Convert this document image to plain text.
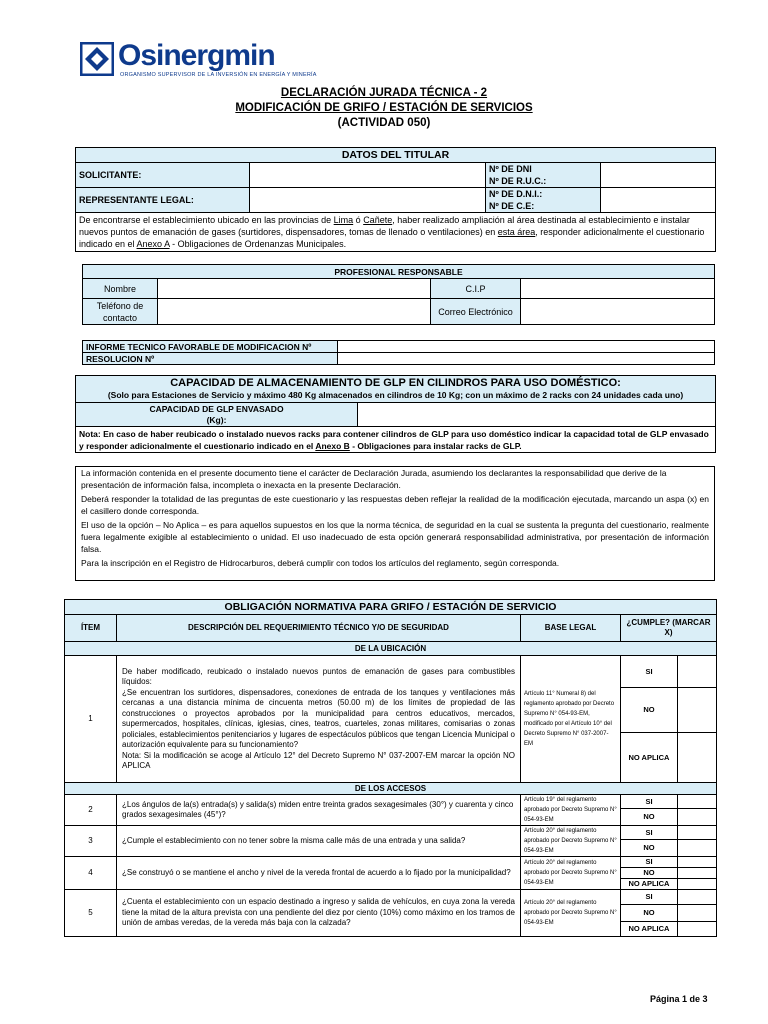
Osinergmin
ORGANISMO SUPERVISOR DE LA INVERSIÓN EN ENERGÍA Y MINERÍA
DECLARACIÓN JURADA TÉCNICA - 2
MODIFICACIÓN DE GRIFO / ESTACIÓN DE SERVICIOS
(ACTIVIDAD 050)
DATOS DEL TITULAR			
SOLICITANTE:		Nº DE DNI
Nº DE R.U.C.:	

REPRESENTANTE LEGAL:		Nº DE D.N.I.:
Nº DE C.E:	

De encontrarse el establecimiento ubicado en las provincias de Lima ó Cañete, haber realizado ampliación al área destinada al establecimiento e instalar nuevos puntos de emanación de gases (surtidores, dispensadores, tomas de llenado o ventilaciones) en esta área, responder adicionalmente el cuestionario indicado en el Anexo A - Obligaciones de Ordenanzas Municipales.			
PROFESIONAL RESPONSABLE			
Nombre		C.I.P	
Teléfono de contacto		Correo Electrónico	
INFORME TECNICO FAVORABLE DE MODIFICACION Nº	
RESOLUCION Nº	
CAPACIDAD DE ALMACENAMIENTO DE GLP EN CILINDROS PARA USO DOMÉSTICO:
(Solo para Estaciones de Servicio y máximo 480 Kg almacenados en cilindros de 10 Kg; con un máximo de 2 racks con 24 unidades cada uno)

CAPACIDAD DE GLP ENVASADO
(Kg):

Nota: En caso de haber reubicado o instalado nuevos racks para contener cilindros de GLP para uso doméstico indicar la capacidad total de GLP envasado y responder adicionalmente el cuestionario indicado en el Anexo B - Obligaciones para instalar racks de GLP.
La información contenida en el presente documento tiene el carácter de Declaración Jurada, asumiendo los declarantes la responsabilidad que derive de la presentación de información falsa, incompleta o inexacta en la presente Declaración.
Deberá responder la totalidad de las preguntas de este cuestionario y las respuestas deben reflejar la realidad de la modificación ejecutada, marcando un aspa (x) en el casillero donde corresponda.
El uso de la opción – No Aplica – es para aquellos supuestos en los que la norma técnica, de seguridad en la cual se sustenta la pregunta del cuestionario, realmente fuera legalmente exigible al establecimiento o unidad. El uso inadecuado de esta opción generará responsabilidad administrativa, por presentación de información falsa.
Para la inscripción en el Registro de Hidrocarburos, deberá cumplir con todos los artículos del reglamento, según corresponda.
OBLIGACIÓN NORMATIVA PARA GRIFO / ESTACIÓN DE SERVICIO				
ÍTEM	DESCRIPCIÓN DEL REQUERIMIENTO TÉCNICO Y/O DE SEGURIDAD	BASE LEGAL	¿CUMPLE? (MARCAR X)	
DE LA UBICACIÓN				
1	De haber modificado, reubicado o instalado nuevos puntos de emanación de gases para combustibles líquidos:
¿Se encuentran los surtidores, dispensadores, conexiones de entrada de los tanques y ventilaciones más cercanas a una distancia mínima de cincuenta metros (50.00 m) de los límites de propiedad de las construcciones o proyectos aprobados por la municipalidad para centros educativos, mercados, supermercados, hospitales, clínicas, iglesias, cines, teatros, cuarteles, zonas militares, comisarias o zonas policiales, establecimientos penitenciarios y lugares de espectáculos públicos que tengan Licencia Municipal o autorización equivalente para su funcionamiento?
Nota: Si la modificación se acoge al Artículo 12° del Decreto Supremo N° 037-2007-EM marcar la opción NO APLICA	Artículo 11° Numeral 8) del reglamento aprobado por Decreto Supremo N° 054-93-EM, modificado por el Artículo 10° del Decreto Supremo N° 037-2007-EM	SI	
			NO	
			NO APLICA	
DE LOS ACCESOS				
2	¿Los ángulos de la(s) entrada(s) y salida(s) miden entre treinta grados sexagesimales (30°) y cuarenta y cinco grados sexagesimales (45°)?	Artículo 19° del reglamento aprobado por Decreto Supremo N° 054-93-EM	SI	
			NO	
3	¿Cumple el establecimiento con no tener sobre la misma calle más de una entrada y una salida?	Artículo 20° del reglamento aprobado por Decreto Supremo N° 054-93-EM	SI	
			NO	
4	¿Se construyó o se mantiene el ancho y nivel de la vereda frontal de acuerdo a lo fijado por la municipalidad?	Artículo 20° del reglamento aprobado por Decreto Supremo N° 054-93-EM	SI	
			NO	
			NO APLICA	
5	¿Cuenta el establecimiento con un espacio destinado a ingreso y salida de vehículos, en cuya zona la vereda tiene la mitad de la altura prevista con una pendiente del diez por ciento (10%) como máximo en los tramos de unión de ambas veredas, de la vereda más baja con la calzada?	Artículo 20° del reglamento aprobado por Decreto Supremo N° 054-93-EM	SI	
			NO	
			NO APLICA	
Página 1 de 3
